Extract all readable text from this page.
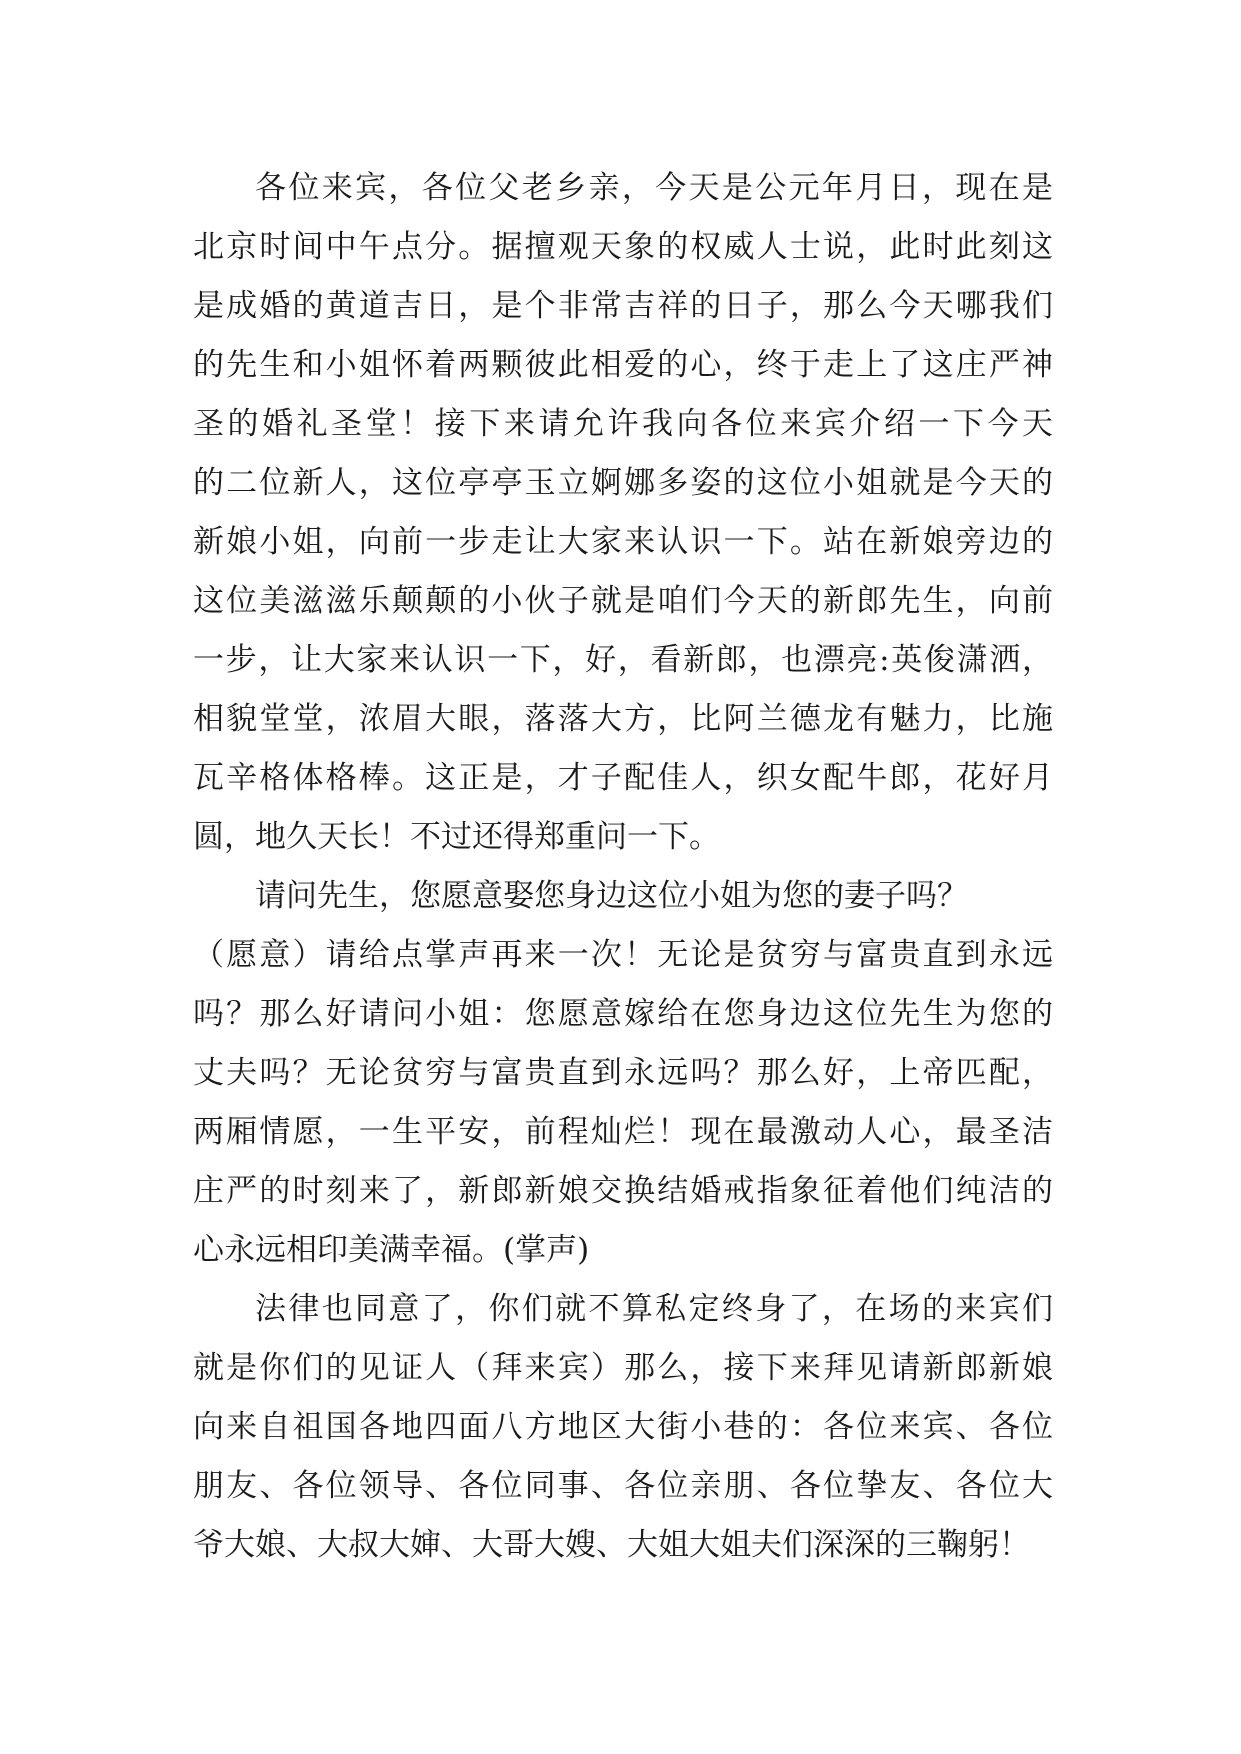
各位来宾，各位父老乡亲，今天是公元年月日，现在是
北京时间中午点分。据擅观天象的权威人士说，此时此刻这
是成婚的黄道吉日，是个非常吉祥的日子，那么今天哪我们
的先生和小姐怀着两颗彼此相爱的心，终于走上了这庄严神
圣的婚礼圣堂！接下来请允许我向各位来宾介绍一下今天
的二位新人，这位亭亭玉立婀娜多姿的这位小姐就是今天的
新娘小姐，向前一步走让大家来认识一下。站在新娘旁边的
这位美滋滋乐颠颠的小伙子就是咱们今天的新郎先生，向前
一步，让大家来认识一下，好，看新郎，也漂亮:英俊潇洒，
相貌堂堂，浓眉大眼，落落大方，比阿兰德龙有魅力，比施
瓦辛格体格棒。这正是，才子配佳人，织女配牛郎，花好月
圆，地久天长！不过还得郑重问一下。
请问先生，您愿意娶您身边这位小姐为您的妻子吗？
（愿意）请给点掌声再来一次！无论是贫穷与富贵直到永远
吗？那么好请问小姐：您愿意嫁给在您身边这位先生为您的
丈夫吗？无论贫穷与富贵直到永远吗？那么好，上帝匹配，
两厢情愿，一生平安，前程灿烂！现在最激动人心，最圣洁
庄严的时刻来了，新郎新娘交换结婚戒指象征着他们纯洁的
心永远相印美满幸福。(掌声)
法律也同意了，你们就不算私定终身了，在场的来宾们
就是你们的见证人（拜来宾）那么，接下来拜见请新郎新娘
向来自祖国各地四面八方地区大街小巷的：各位来宾、各位
朋友、各位领导、各位同事、各位亲朋、各位挚友、各位大
爷大娘、大叔大婶、大哥大嫂、大姐大姐夫们深深的三鞠躬！
